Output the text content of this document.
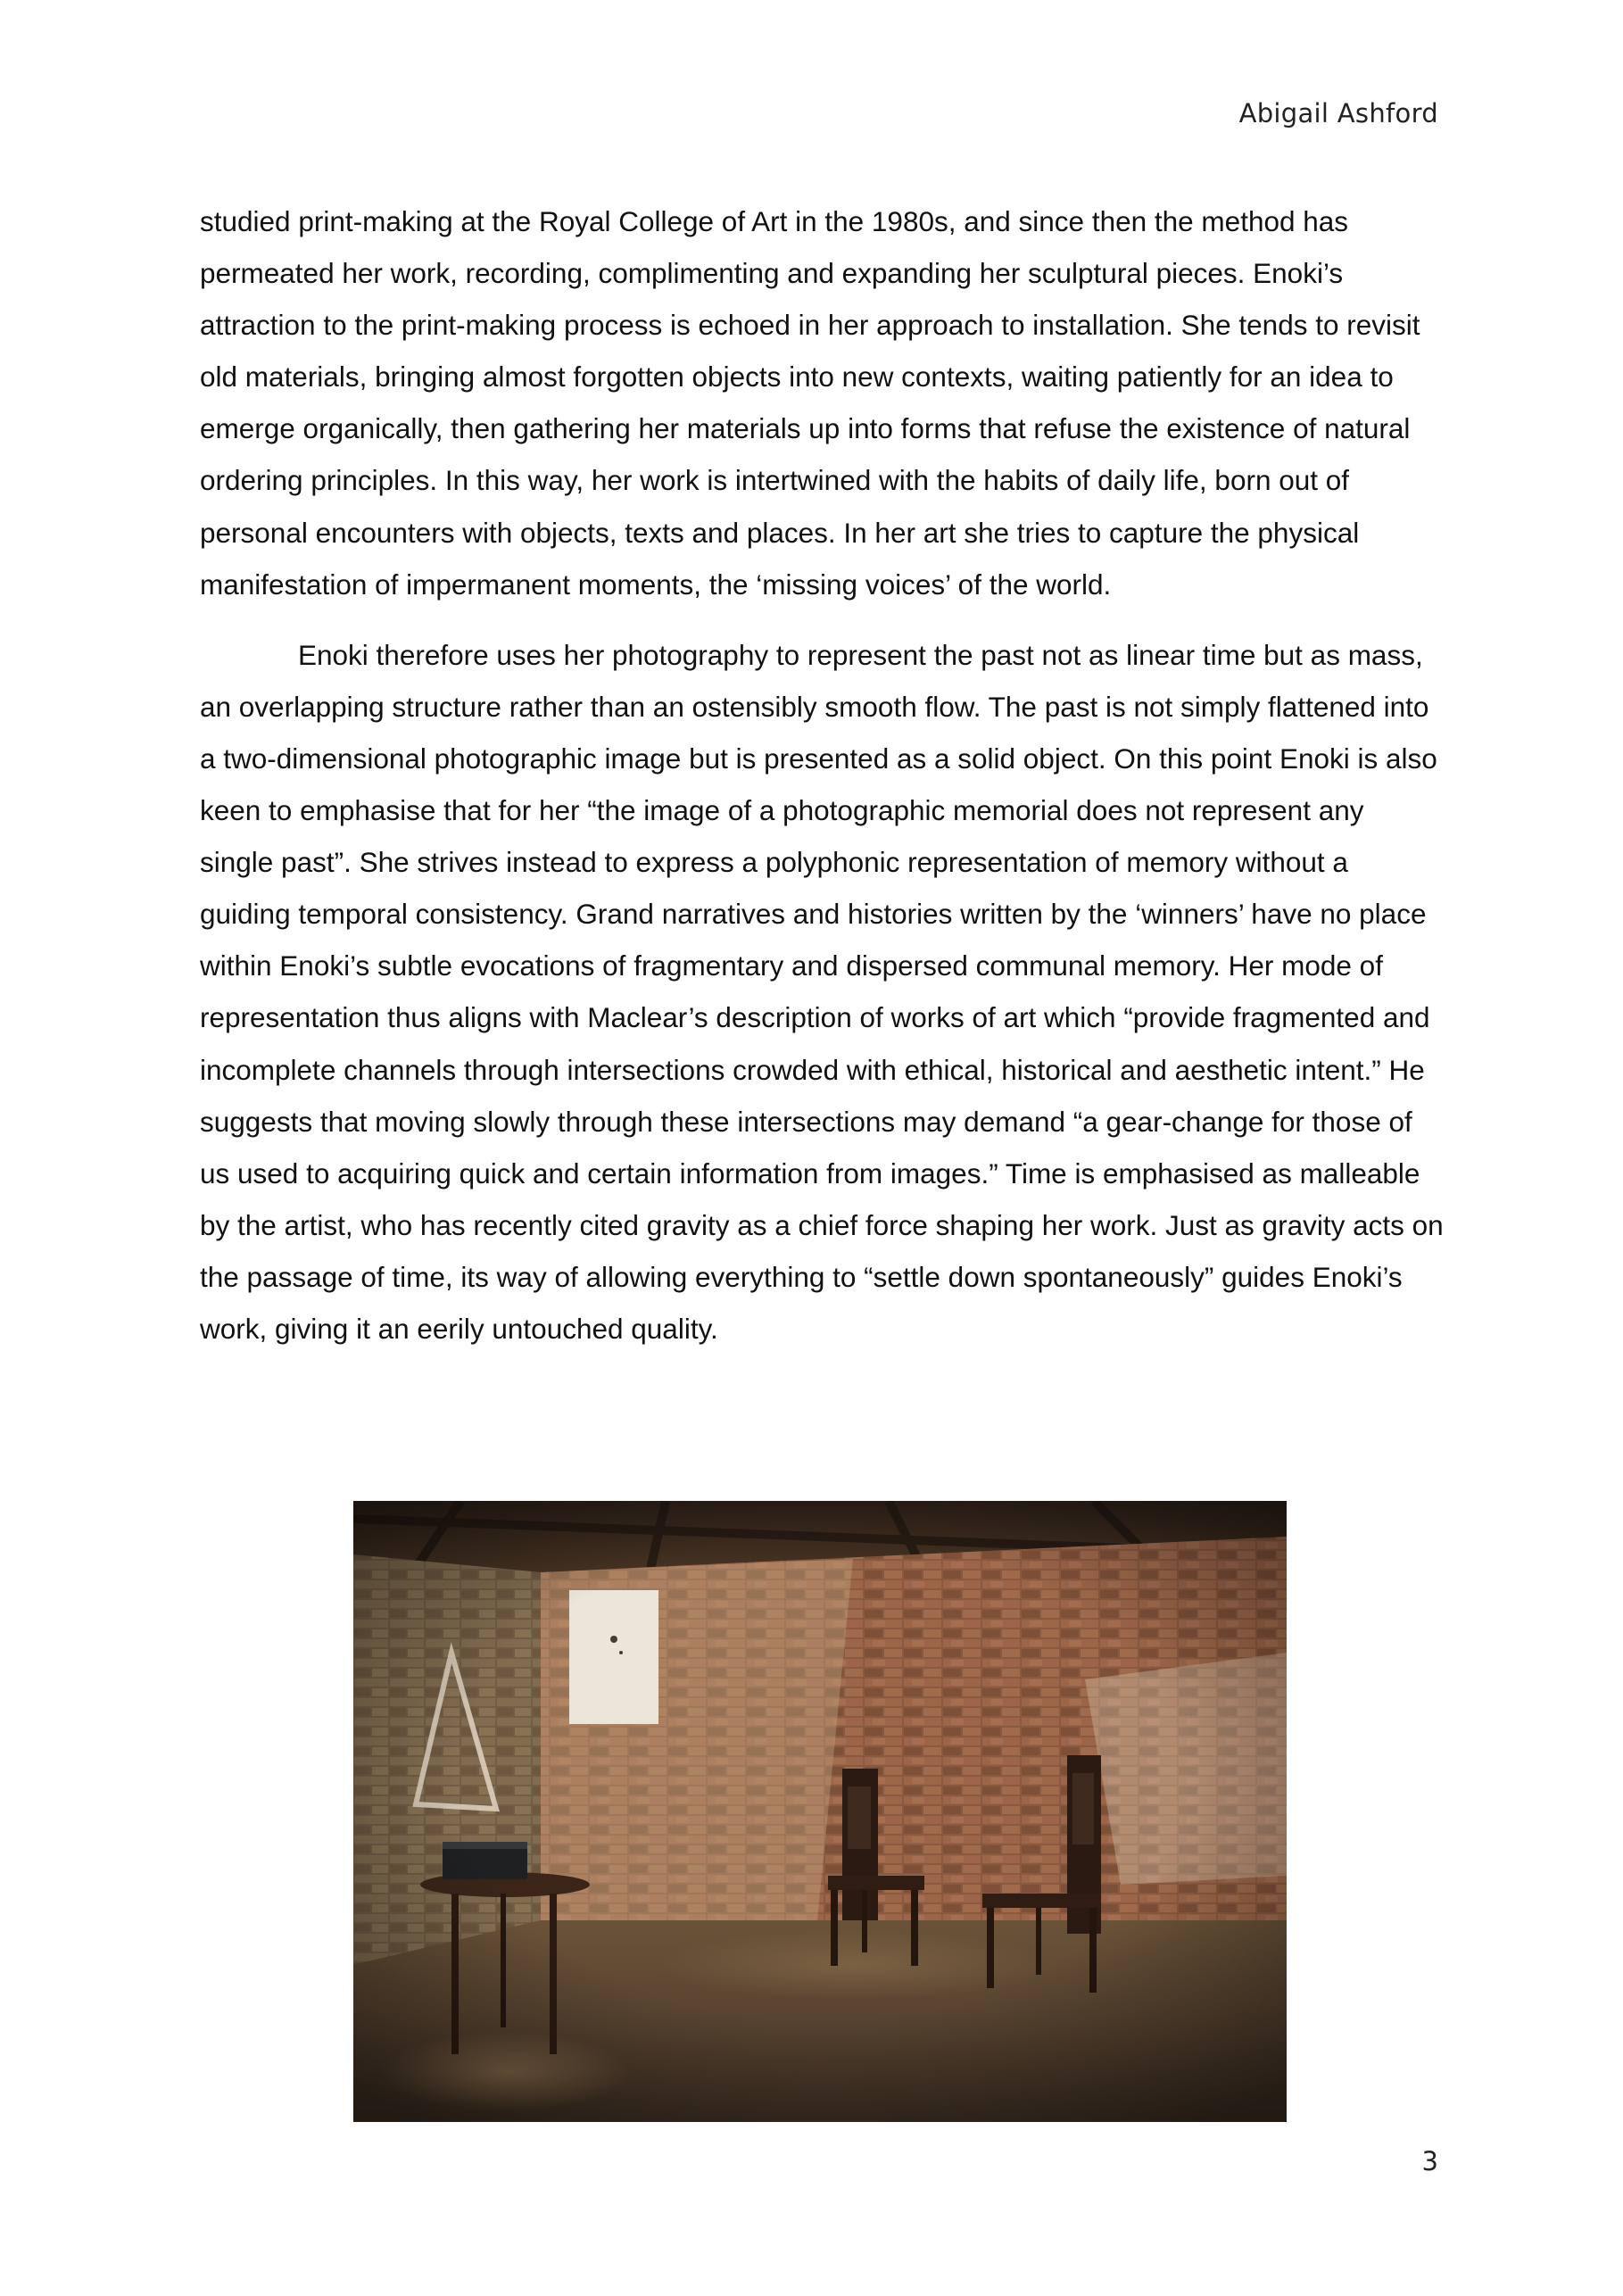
Abigail Ashford

studied print-making at the Royal College of Art in the 1980s, and since then the method has permeated her work, recording, complimenting and expanding her sculptural pieces. Enoki’s attraction to the print-making process is echoed in her approach to installation. She tends to revisit old materials, bringing almost forgotten objects into new contexts, waiting patiently for an idea to emerge organically, then gathering her materials up into forms that refuse the existence of natural ordering principles. In this way, her work is intertwined with the habits of daily life, born out of personal encounters with objects, texts and places. In her art she tries to capture the physical manifestation of impermanent moments, the ‘missing voices’ of the world.

Enoki therefore uses her photography to represent the past not as linear time but as mass, an overlapping structure rather than an ostensibly smooth flow. The past is not simply flattened into a two-dimensional photographic image but is presented as a solid object. On this point Enoki is also keen to emphasise that for her “the image of a photographic memorial does not represent any single past”. She strives instead to express a polyphonic representation of memory without a guiding temporal consistency. Grand narratives and histories written by the ‘winners’ have no place within Enoki’s subtle evocations of fragmentary and dispersed communal memory. Her mode of representation thus aligns with Maclear’s description of works of art which “provide fragmented and incomplete channels through intersections crowded with ethical, historical and aesthetic intent.” He suggests that moving slowly through these intersections may demand “a gear-change for those of us used to acquiring quick and certain information from images.” Time is emphasised as malleable by the artist, who has recently cited gravity as a chief force shaping her work. Just as gravity acts on the passage of time, its way of allowing everything to “settle down spontaneously” guides Enoki’s work, giving it an eerily untouched quality.

3
